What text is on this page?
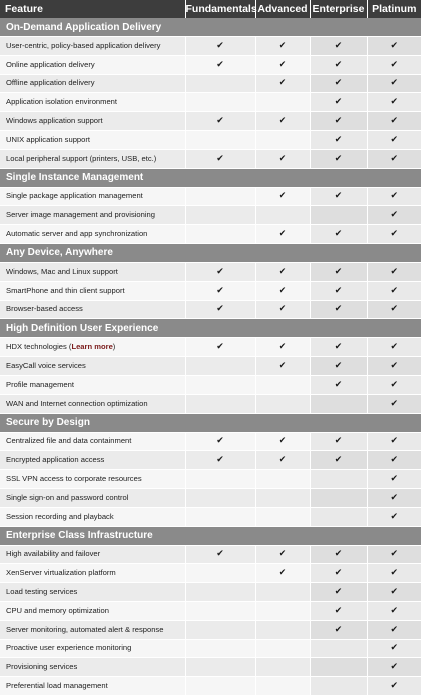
Feature	Fundamentals	Advanced	Enterprise	Platinum
On-Demand Application Delivery				
User-centric, policy-based application delivery	✔	✔	✔	✔
Online application delivery	✔	✔	✔	✔
Offline application delivery		✔	✔	✔
Application isolation environment			✔	✔
Windows application support	✔	✔	✔	✔
UNIX application support			✔	✔
Local peripheral support (printers, USB, etc.)	✔	✔	✔	✔
Single Instance Management				
Single package application management		✔	✔	✔
Server image management and provisioning				✔
Automatic server and app synchronization		✔	✔	✔
Any Device, Anywhere				
Windows, Mac and Linux support	✔	✔	✔	✔
SmartPhone and thin client support	✔	✔	✔	✔
Browser-based access	✔	✔	✔	✔
High Definition User Experience				
HDX technologies (Learn more)	✔	✔	✔	✔
EasyCall voice services		✔	✔	✔
Profile management			✔	✔
WAN and Internet connection optimization				✔
Secure by Design				
Centralized file and data containment	✔	✔	✔	✔
Encrypted application access	✔	✔	✔	✔
SSL VPN access to corporate resources				✔
Single sign-on and password control				✔
Session recording and playback				✔
Enterprise Class Infrastructure				
High availability and failover	✔	✔	✔	✔
XenServer virtualization platform		✔	✔	✔
Load testing services			✔	✔
CPU and memory optimization			✔	✔
Server monitoring, automated alert & response			✔	✔
Proactive user experience monitoring				✔
Provisioning services				✔
Preferential load management				✔
